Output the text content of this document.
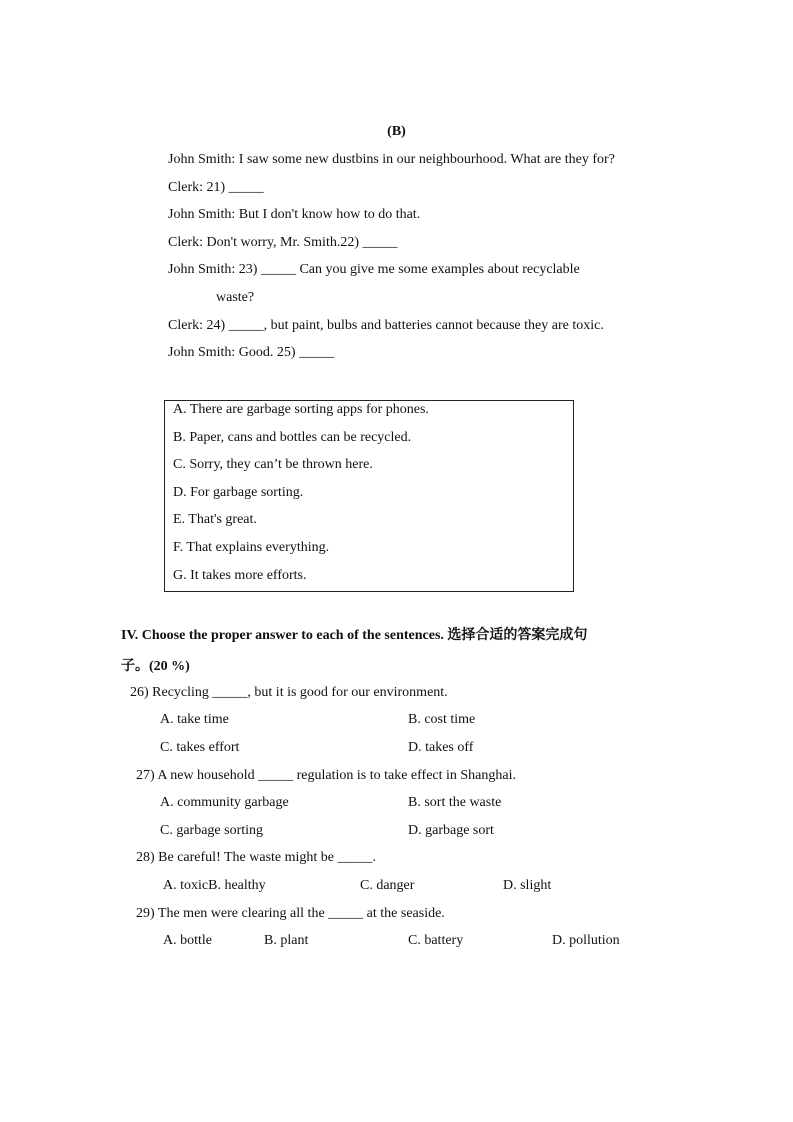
(B)
John Smith: I saw some new dustbins in our neighbourhood. What are they for?
Clerk: 21) _____
John Smith: But I don't know how to do that.
Clerk: Don't worry, Mr. Smith.22) _____
John Smith: 23) _____ Can you give me some examples about recyclable
waste?
Clerk: 24) _____, but paint, bulbs and batteries cannot because they are toxic.
John Smith: Good. 25) _____
A. There are garbage sorting apps for phones.
B. Paper, cans and bottles can be recycled.
C. Sorry, they can’t be thrown here.
D. For garbage sorting.
E. That's great.
F. That explains everything.
G. It takes more efforts.
IV. Choose the proper answer to each of the sentences. 选择合适的答案完成句
子。(20 %)
26) Recycling _____, but it is good for our environment.
A. take time	B. cost time
C. takes effort	D. takes off
27) A new household _____ regulation is to take effect in Shanghai.
A. community garbage	B. sort the waste
C. garbage sorting	D. garbage sort
28) Be careful! The waste might be _____.
A. toxicB. healthy	C. danger	D. slight
29) The men were clearing all the _____ at the seaside.
A. bottle	B. plant	C. battery	D. pollution
